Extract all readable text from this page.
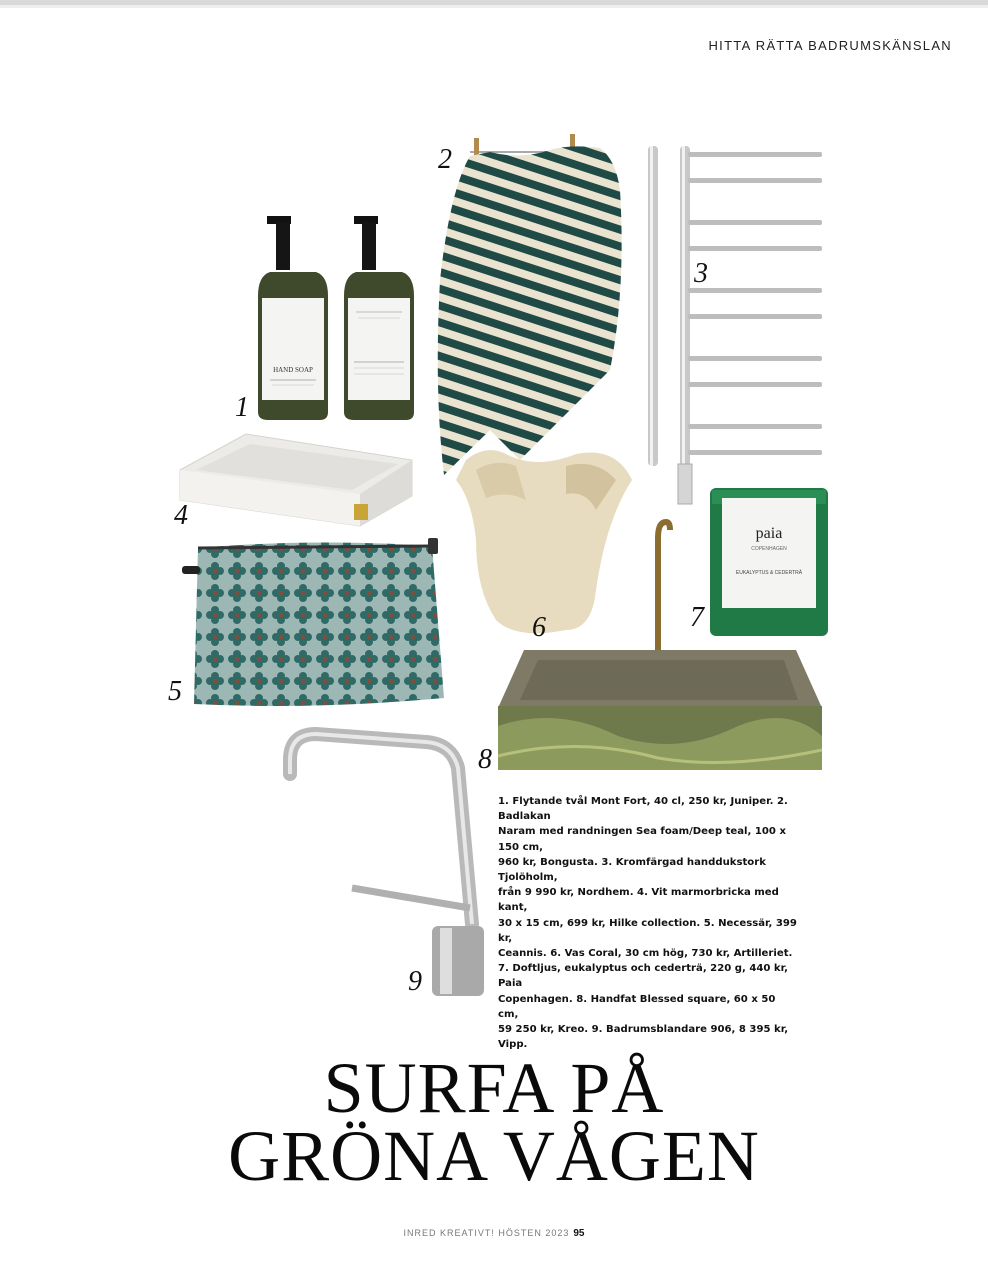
HITTA RÄTTA BADRUMSKÄNSLAN
HAND SOAP
paia
COPENHAGEN
EUKALYPTUS & CEDERTRÄ
1
2
3
4
5
6	7
8
9
1. Flytande tvål Mont Fort, 40 cl, 250 kr, Juniper. 2. Badlakan
Naram med randningen Sea foam/Deep teal, 100 x 150 cm,
960 kr, Bongusta. 3. Kromfärgad handdukstork Tjolöholm,
från 9 990 kr, Nordhem. 4. Vit marmorbricka med kant,
30 x 15 cm, 699 kr, Hilke collection. 5. Necessär, 399 kr,
Ceannis. 6. Vas Coral, 30 cm hög, 730 kr, Artilleriet.
7. Doftljus, eukalyptus och cederträ, 220 g, 440 kr, Paia
Copenhagen. 8. Handfat Blessed square, 60 x 50 cm,
59 250 kr, Kreo. 9. Badrumsblandare 906, 8 395 kr, Vipp.
SURFA PÅ
GRÖNA VÅGEN
INRED KREATIVT! HÖSTEN 2023 95
